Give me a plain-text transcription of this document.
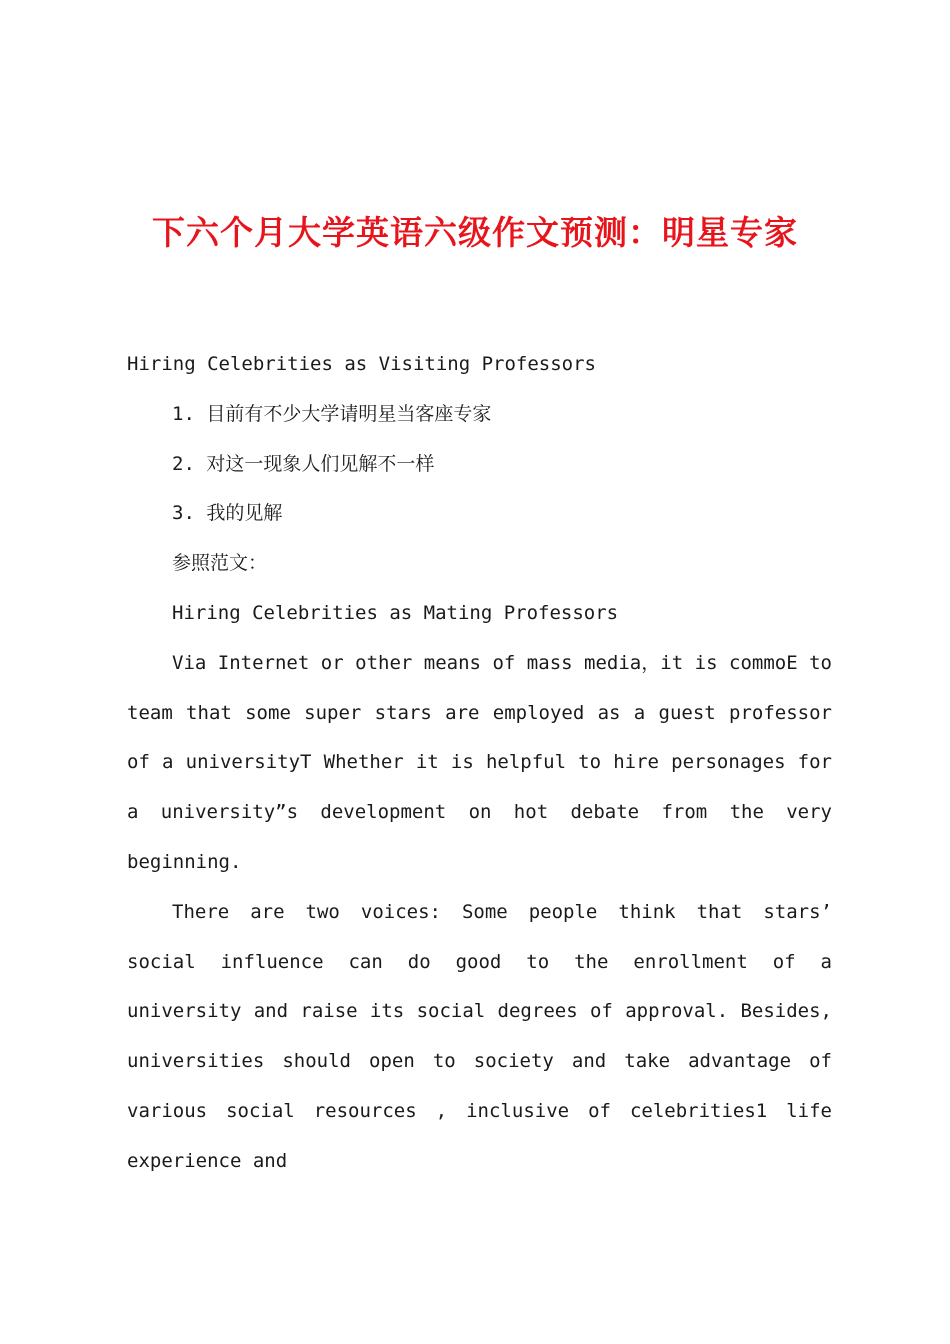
下六个月大学英语六级作文预测：明星专家

Hiring Celebrities as Visiting Professors

1. 目前有不少大学请明星当客座专家

2. 对这一现象人们见解不一样

3. 我的见解

参照范文：

Hiring Celebrities as Mating Professors

Via Internet or other means of mass media，it is commoE to team that some super stars are employed as a guest professor of a universityT Whether it is helpful to hire personages for a university”s development on hot debate from the very beginning.

There are two voices: Some people think that stars’ social influence can do good to the enrollment of a university and raise its social degrees of approval. Besides, universities should open to society and take advantage of various social resources , inclusive of celebrities1 life experience and
